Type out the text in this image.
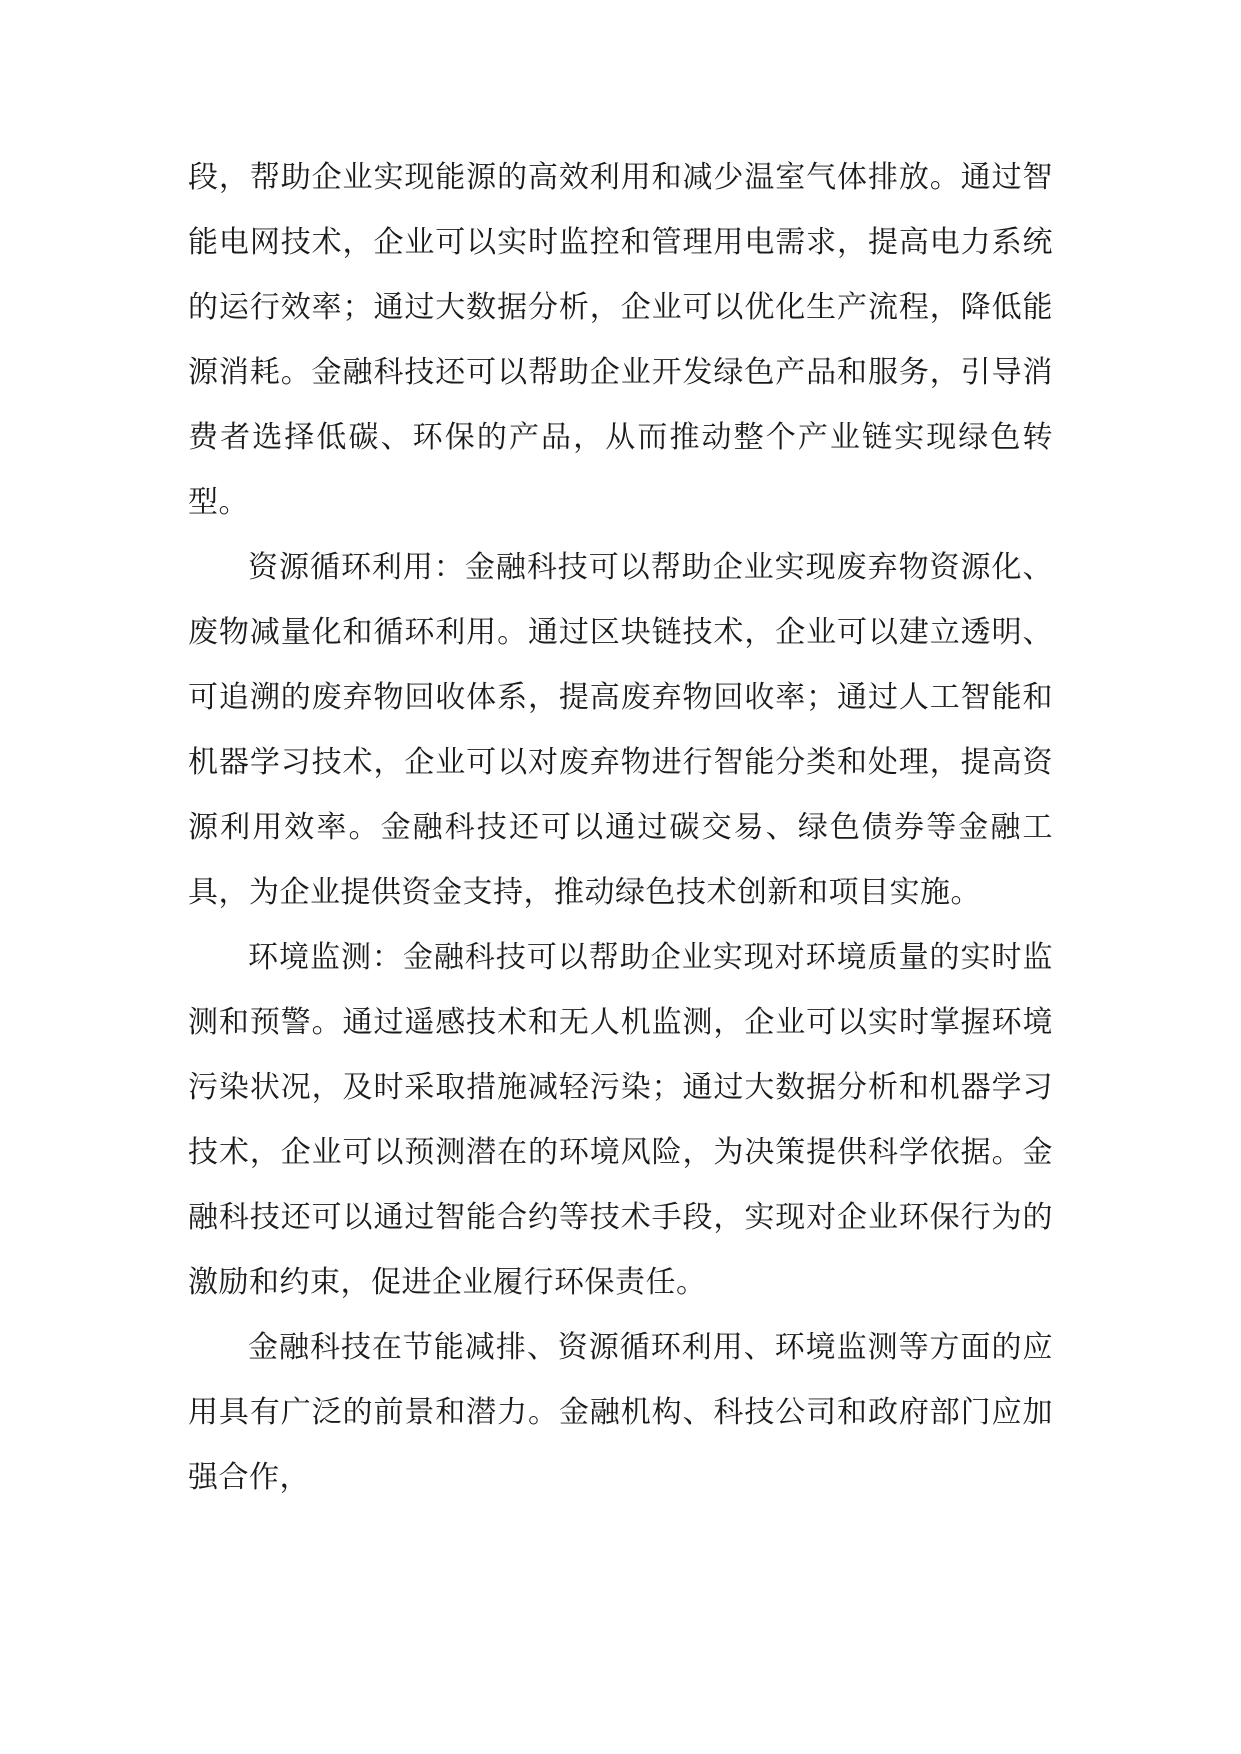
段，帮助企业实现能源的高效利用和减少温室气体排放。通过智能电网技术，企业可以实时监控和管理用电需求，提高电力系统的运行效率；通过大数据分析，企业可以优化生产流程，降低能源消耗。金融科技还可以帮助企业开发绿色产品和服务，引导消费者选择低碳、环保的产品，从而推动整个产业链实现绿色转型。

资源循环利用：金融科技可以帮助企业实现废弃物资源化、废物减量化和循环利用。通过区块链技术，企业可以建立透明、可追溯的废弃物回收体系，提高废弃物回收率；通过人工智能和机器学习技术，企业可以对废弃物进行智能分类和处理，提高资源利用效率。金融科技还可以通过碳交易、绿色债券等金融工具，为企业提供资金支持，推动绿色技术创新和项目实施。

环境监测：金融科技可以帮助企业实现对环境质量的实时监测和预警。通过遥感技术和无人机监测，企业可以实时掌握环境污染状况，及时采取措施减轻污染；通过大数据分析和机器学习技术，企业可以预测潜在的环境风险，为决策提供科学依据。金融科技还可以通过智能合约等技术手段，实现对企业环保行为的激励和约束，促进企业履行环保责任。

金融科技在节能减排、资源循环利用、环境监测等方面的应用具有广泛的前景和潜力。金融机构、科技公司和政府部门应加强合作，
